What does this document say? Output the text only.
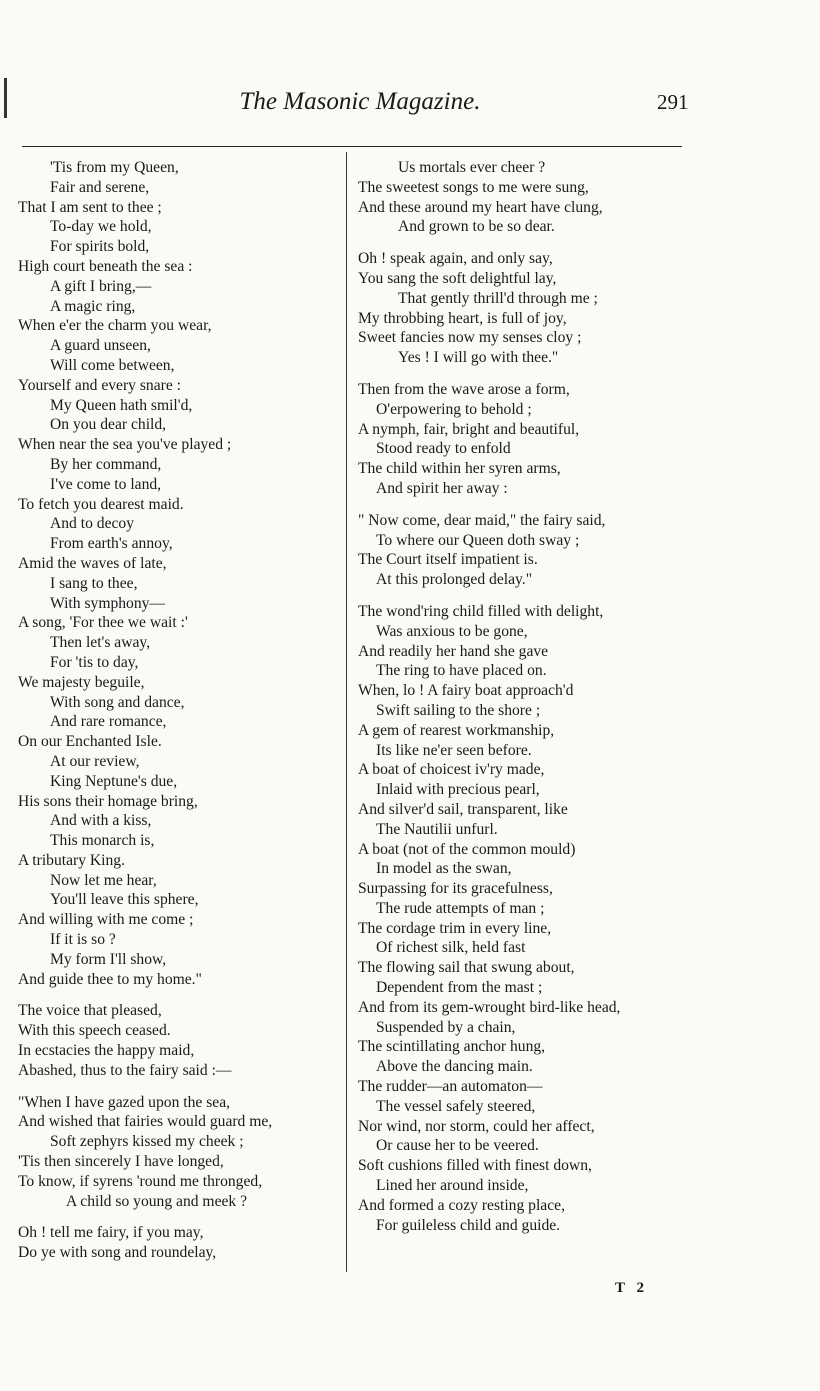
The Masonic Magazine.	291
'Tis from my Queen,
Fair and serene,
That I am sent to thee ;
To-day we hold,
For spirits bold,
High court beneath the sea :
A gift I bring,—
A magic ring,
When e'er the charm you wear,
A guard unseen,
Will come between,
Yourself and every snare :
My Queen hath smil'd,
On you dear child,
When near the sea you've played ;
By her command,
I've come to land,
To fetch you dearest maid.
And to decoy
From earth's annoy,
Amid the waves of late,
I sang to thee,
With symphony—
A song, 'For thee we wait :'
Then let's away,
For 'tis to day,
We majesty beguile,
With song and dance,
And rare romance,
On our Enchanted Isle.
At our review,
King Neptune's due,
His sons their homage bring,
And with a kiss,
This monarch is,
A tributary King.
Now let me hear,
You'll leave this sphere,
And willing with me come ;
If it is so ?
My form I'll show,
And guide thee to my home."
The voice that pleased,
With this speech ceased.
In ecstacies the happy maid,
Abashed, thus to the fairy said :—
"When I have gazed upon the sea,
And wished that fairies would guard me,
Soft zephyrs kissed my cheek ;
'Tis then sincerely I have longed,
To know, if syrens 'round me thronged,
A child so young and meek ?
Oh ! tell me fairy, if you may,
Do ye with song and roundelay,
Us mortals ever cheer ?
The sweetest songs to me were sung,
And these around my heart have clung,
And grown to be so dear.
Oh ! speak again, and only say,
You sang the soft delightful lay,
That gently thrill'd through me ;
My throbbing heart, is full of joy,
Sweet fancies now my senses cloy ;
Yes ! I will go with thee."
Then from the wave arose a form,
O'erpowering to behold ;
A nymph, fair, bright and beautiful,
Stood ready to enfold
The child within her syren arms,
And spirit her away :
" Now come, dear maid," the fairy said,
To where our Queen doth sway ;
The Court itself impatient is.
At this prolonged delay."
The wond'ring child filled with delight,
Was anxious to be gone,
And readily her hand she gave
The ring to have placed on.
When, lo ! A fairy boat approach'd
Swift sailing to the shore ;
A gem of rearest workmanship,
Its like ne'er seen before.
A boat of choicest iv'ry made,
Inlaid with precious pearl,
And silver'd sail, transparent, like
The Nautilii unfurl.
A boat (not of the common mould)
In model as the swan,
Surpassing for its gracefulness,
The rude attempts of man ;
The cordage trim in every line,
Of richest silk, held fast
The flowing sail that swung about,
Dependent from the mast ;
And from its gem-wrought bird-like head,
Suspended by a chain,
The scintillating anchor hung,
Above the dancing main.
The rudder—an automaton—
The vessel safely steered,
Nor wind, nor storm, could her affect,
Or cause her to be veered.
Soft cushions filled with finest down,
Lined her around inside,
And formed a cozy resting place,
For guileless child and guide.
T 2
